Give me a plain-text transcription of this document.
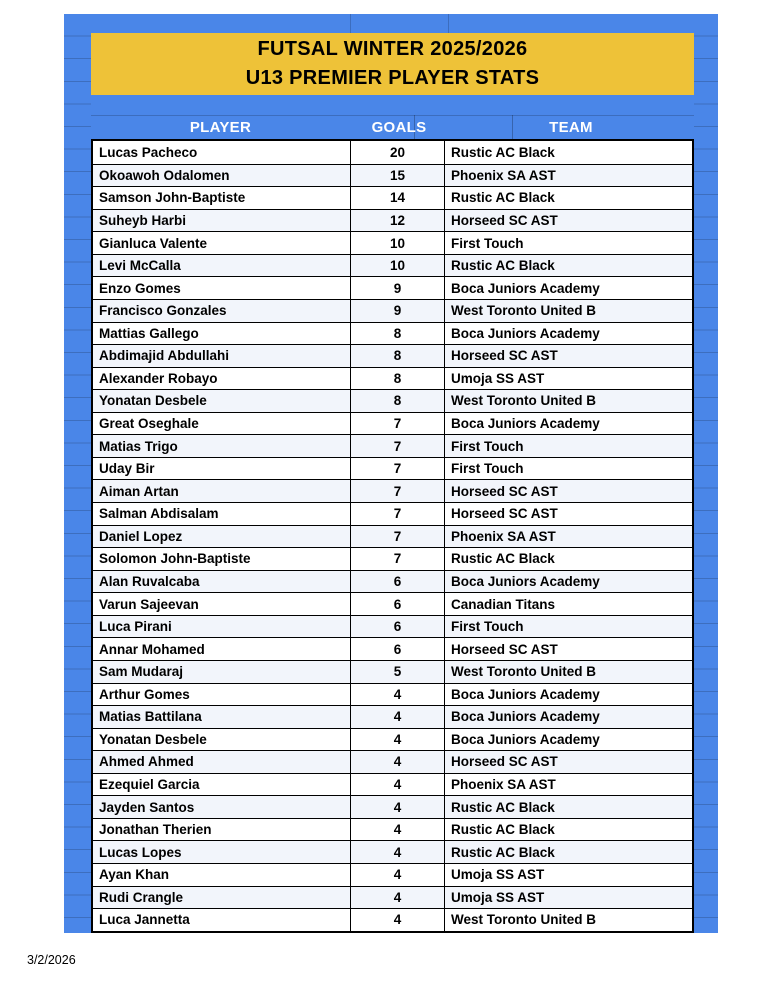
FUTSAL WINTER 2025/2026
U13 PREMIER PLAYER STATS
PLAYER	GOALS	TEAM
Lucas Pacheco	20	Rustic AC Black
Okoawoh Odalomen	15	Phoenix SA AST
Samson John-Baptiste	14	Rustic AC Black
Suheyb Harbi	12	Horseed SC AST
Gianluca Valente	10	First Touch
Levi McCalla	10	Rustic AC Black
Enzo Gomes	9	Boca Juniors Academy
Francisco Gonzales	9	West Toronto United B
Mattias Gallego	8	Boca Juniors Academy
Abdimajid Abdullahi	8	Horseed SC AST
Alexander Robayo	8	Umoja SS AST
Yonatan Desbele	8	West Toronto United B
Great Oseghale	7	Boca Juniors Academy
Matias Trigo	7	First Touch
Uday Bir	7	First Touch
Aiman Artan	7	Horseed SC AST
Salman Abdisalam	7	Horseed SC AST
Daniel Lopez	7	Phoenix SA AST
Solomon John-Baptiste	7	Rustic AC Black
Alan Ruvalcaba	6	Boca Juniors Academy
Varun Sajeevan	6	Canadian Titans
Luca Pirani	6	First Touch
Annar Mohamed	6	Horseed SC AST
Sam Mudaraj	5	West Toronto United B
Arthur Gomes	4	Boca Juniors Academy
Matias Battilana	4	Boca Juniors Academy
Yonatan Desbele	4	Boca Juniors Academy
Ahmed Ahmed	4	Horseed SC AST
Ezequiel Garcia	4	Phoenix SA AST
Jayden Santos	4	Rustic AC Black
Jonathan Therien	4	Rustic AC Black
Lucas Lopes	4	Rustic AC Black
Ayan Khan	4	Umoja SS AST
Rudi Crangle	4	Umoja SS AST
Luca Jannetta	4	West Toronto United B
3/2/2026
